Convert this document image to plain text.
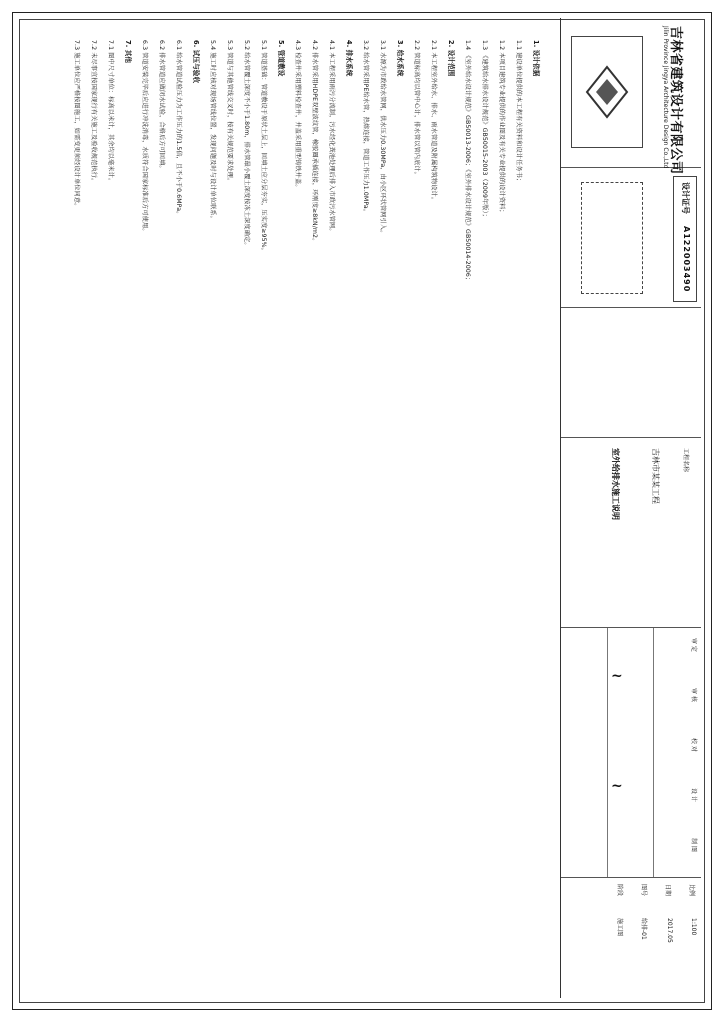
1. 设计依据
1.1 建设单位提供的本工程有关资料和设计任务书；
1.2 本项目建筑专业提供的作业图及有关专业提供的设计资料；
1.3 《建筑给水排水设计规范》GB50015-2003（2009年版）；
1.4 《室外给水设计规范》GB50013-2006；《室外排水设计规范》GB50014-2006；
2. 设计范围
2.1 本工程室外给水、排水、雨水管道及附属构筑物设计。
2.2 管道标高均以管中心计，排水管以管内底计。
3. 给水系统
3.1 水源为市政给水管网，供水压力0.30MPa，由小区环状管网引入。
3.2 给水管采用PE给水管，热熔连接，管道工作压力1.0MPa。
4. 排水系统
4.1 本工程采用雨污分流制，污水经化粪池处理后排入市政污水管网。
4.2 排水管采用HDPE双壁波纹管，橡胶圈承插连接，环刚度≥8kN/m2。
4.3 检查井采用塑料检查井，井盖采用重型铸铁井盖。
5. 管道敷设
5.1 管道基础：管道敷设于原状土层上，回填土应分层夯实，压实度≥95%。
5.2 给水管覆土深度不小于1.80m，排水管最小覆土深度按冻土深度确定。
5.3 管道与其他管线交叉时，按有关规范要求处理。
5.4 施工时应核对现场管线位置，发现问题及时与设计单位联系。
6. 试压与验收
6.1 给水管道试验压力为工作压力的1.5倍，且不小于0.6MPa。
6.2 排水管道应做闭水试验，合格后方可回填。
6.3 管道安装完毕后应进行冲洗消毒，水质符合国家标准后方可使用。
7. 其他
7.1 图中尺寸单位：标高以米计，其余均以毫米计。
7.2 未尽事宜按国家现行有关施工及验收规范执行。
7.3 施工单位应严格按图施工，如需变更须经设计单位同意。	吉林省建筑设计有限公司
Jilin Province Jingya Architecture Design Co.,Ltd
设计证号
A122003490
工程名称
吉林市某某工程
室外给排水施工说明
审 定
审 核
校 对
设 计
制 图
~
~
比例
1:100
日期
2017.05
图号
给排-01
阶段
施工图
